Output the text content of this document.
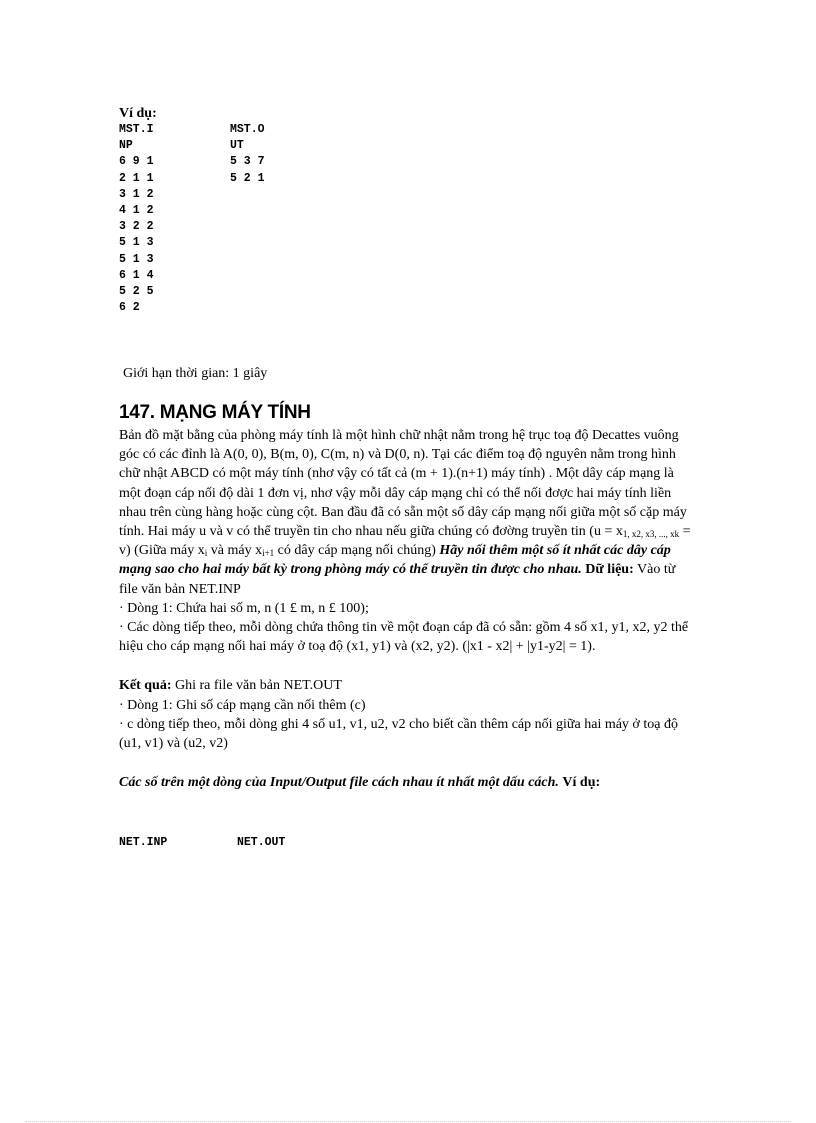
Ví dụ:
MST.I
NP
6 9 1
2 1 1
3 1 2
4 1 2
3 2 2
5 1 3
5 1 3
6 1 4
5 2 5
6 2
MST.O
UT
5 3 7
5 2 1
Giới hạn thời gian: 1 giây
147. MẠNG MÁY TÍNH

Bản đồ mặt bằng của phòng máy tính là một hình chữ nhật nằm trong hệ trục toạ độ Decattes vuông góc có các đỉnh là A(0, 0), B(m, 0), C(m, n) và D(0, n). Tại các điểm toạ độ nguyên nằm trong hình chữ nhật ABCD có một máy tính (nhơ vậy có tất cả (m + 1).(n+1) máy tính) . Một dây cáp mạng là một đoạn cáp nối độ dài 1 đơn vị, nhơ vậy mỗi dây cáp mạng chỉ có thể nối đơợc hai máy tính liền nhau trên cùng hàng hoặc cùng cột. Ban đầu đã có sẵn một số dây cáp mạng nối giữa một số cặp máy tính. Hai máy u và v có thể truyền tin cho nhau nếu giữa chúng có đơờng truyền tin $(u = x_{1, x2, x3, ..., xk} = v)$ (Giữa máy $x_i$ và máy $x_{i+1}$ có dây cáp mạng nối chúng) Hãy nối thêm một số ít nhất các dây cáp mạng sao cho hai máy bất kỳ trong phòng máy có thể truyền tin được cho nhau. Dữ liệu: Vào từ file văn bản NET.INP

· Dòng 1: Chứa hai số m, n (1 £ m, n £ 100);

· Các dòng tiếp theo, mỗi dòng chứa thông tin về một đoạn cáp đã có sẵn: gồm 4 số x1, y1, x2, y2 thể hiệu cho cáp mạng nối hai máy ở toạ độ (x1, y1) và (x2, y2). (|x1 - x2| + |y1-y2| = 1).

Kết quả: Ghi ra file văn bản NET.OUT

· Dòng 1: Ghi số cáp mạng cần nối thêm (c)

· c dòng tiếp theo, mỗi dòng ghi 4 số u1, v1, u2, v2 cho biết cần thêm cáp nối giữa hai máy ở toạ độ (u1, v1) và (u2, v2)

Các số trên một dòng của Input/Output file cách nhau ít nhất một dấu cách. Ví dụ:

NET.INP	NET.OUT
